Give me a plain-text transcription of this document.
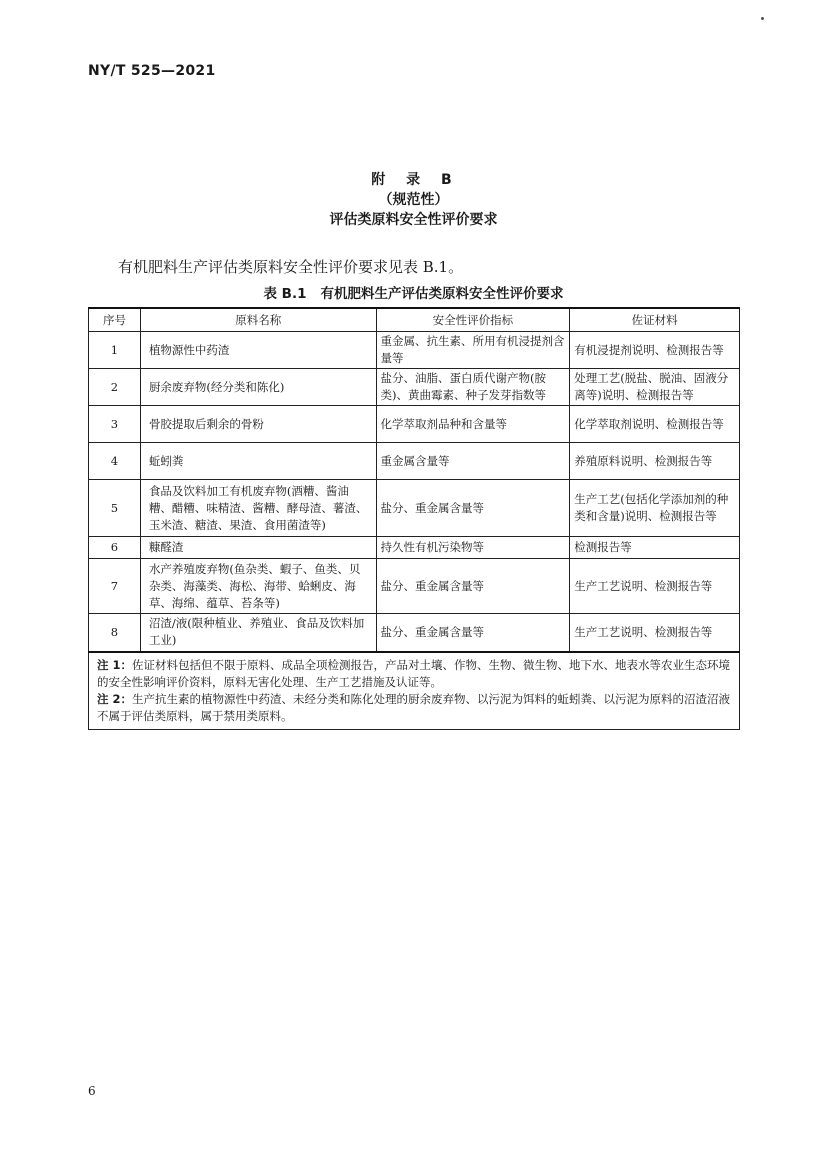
NY/T 525—2021
附 录 B
（规范性）
评估类原料安全性评价要求
有机肥料生产评估类原料安全性评价要求见表 B.1。
表 B.1 有机肥料生产评估类原料安全性评价要求
序号	原料名称	安全性评价指标	佐证材料
1	植物源性中药渣	重金属、抗生素、所用有机浸提剂含量等	有机浸提剂说明、检测报告等
2	厨余废弃物(经分类和陈化)	盐分、油脂、蛋白质代谢产物(胺类)、黄曲霉素、种子发芽指数等	处理工艺(脱盐、脱油、固液分离等)说明、检测报告等
3	骨胶提取后剩余的骨粉	化学萃取剂品种和含量等	化学萃取剂说明、检测报告等
4	蚯蚓粪	重金属含量等	养殖原料说明、检测报告等
5	食品及饮料加工有机废弃物(酒糟、酱油糟、醋糟、味精渣、酱糟、酵母渣、薯渣、玉米渣、糖渣、果渣、食用菌渣等)	盐分、重金属含量等	生产工艺(包括化学添加剂的种类和含量)说明、检测报告等
6	糠醛渣	持久性有机污染物等	检测报告等
7	水产养殖废弃物(鱼杂类、蝦子、鱼类、贝杂类、海藻类、海松、海带、蛤蜊皮、海草、海绵、蕴草、苔条等)	盐分、重金属含量等	生产工艺说明、检测报告等
8	沼渣/液(限种植业、养殖业、食品及饮料加工业)	盐分、重金属含量等	生产工艺说明、检测报告等

注 1：佐证材料包括但不限于原料、成品全项检测报告，产品对土壤、作物、生物、微生物、地下水、地表水等农业生态环境的安全性影响评价资料，原料无害化处理、生产工艺措施及认证等。
注 2：生产抗生素的植物源性中药渣、未经分类和陈化处理的厨余废弃物、以污泥为饵料的蚯蚓粪、以污泥为原料的沼渣沼液不属于评估类原料，属于禁用类原料。			
6
